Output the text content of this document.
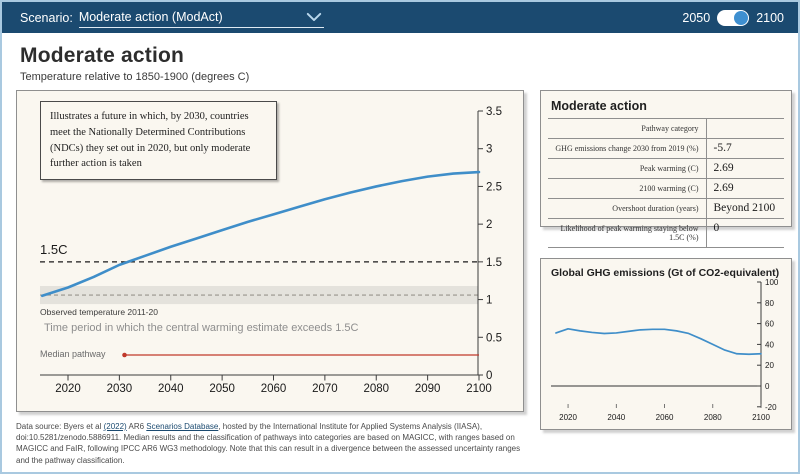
Scenario: Moderate action (ModAct)	2050	2100
Moderate action
Temperature relative to 1850-1900 (degrees C)
2020 2030 2040 2050 2060 2070 2080 2090 2100
0
0.5
1
1.5
2
2.5
3
3.5
Illustrates a future in which, by 2030, countries meet the Nationally Determined Contributions (NDCs) they set out in 2020, but only moderate further action is taken
1.5C
Observed temperature 2011-20
Time period in which the central warming estimate exceeds 1.5C
Median pathway
Moderate action
Pathway category	
GHG emissions change 2030 from 2019 (%)	-5.7
Peak warming (C)	2.69
2100 warming (C)	2.69
Overshoot duration (years)	Beyond 2100
Likelihood of peak warming staying below 1.5C (%)	0
Global GHG emissions (Gt of CO2-equivalent)
-20
0
20
40
60
80
100
2020	2040	2060	2080	2100
Data source: Byers et al (2022) AR6 Scenarios Database, hosted by the International Institute for Applied Systems Analysis (IIASA), doi:10.5281/zenodo.5886911. Median results and the classification of pathways into categories are based on MAGICC, with ranges based on MAGICC and FaIR, following IPCC AR6 WG3 methodology. Note that this can result in a divergence between the assessed uncertainty ranges and the pathway classification.
